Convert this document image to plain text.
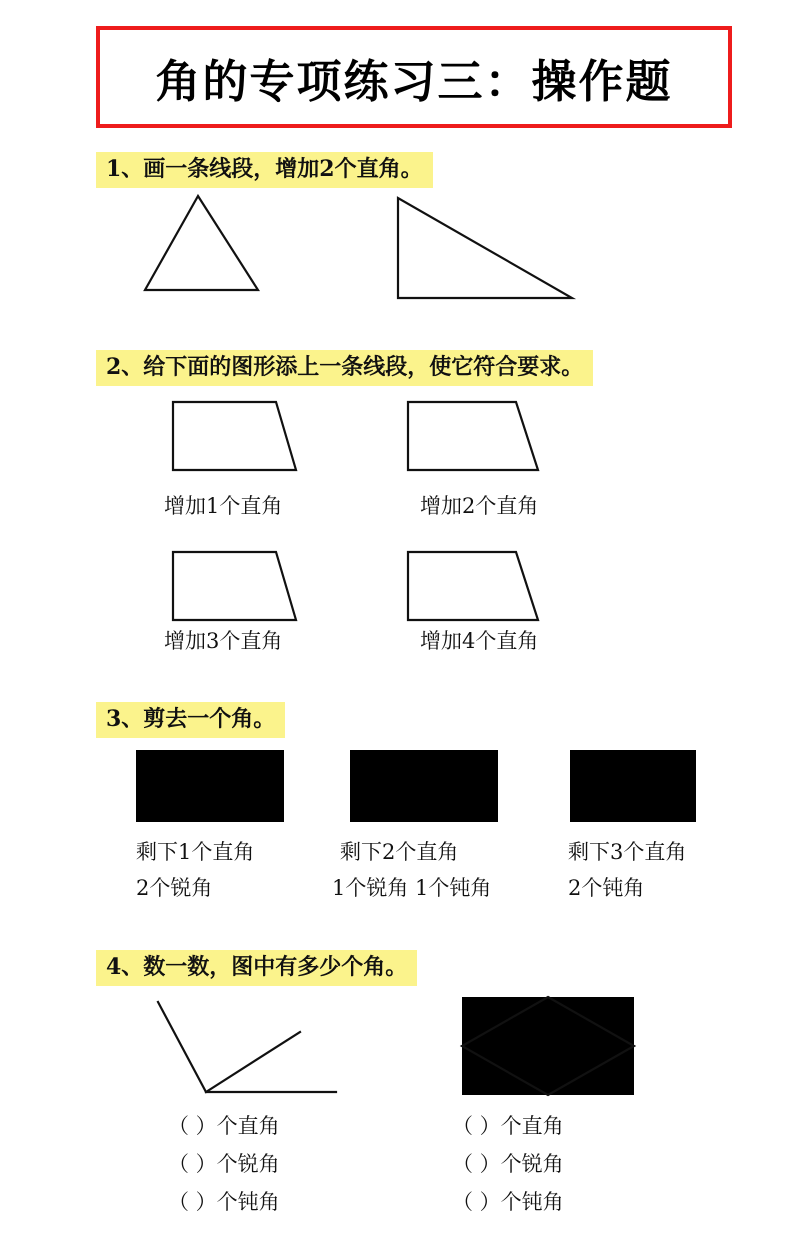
角的专项练习三：操作题
1、画一条线段，增加2个直角。
2、给下面的图形添上一条线段，使它符合要求。
增加1个直角	增加2个直角
增加3个直角	增加4个直角
3、剪去一个角。
剩下1个直角
2个锐角
剩下2个直角
1个锐角 1个钝角
剩下3个直角
2个钝角
4、数一数，图中有多少个角。
（ ）个直角
（ ）个锐角
（ ）个钝角
（ ）个直角
（ ）个锐角
（ ）个钝角
